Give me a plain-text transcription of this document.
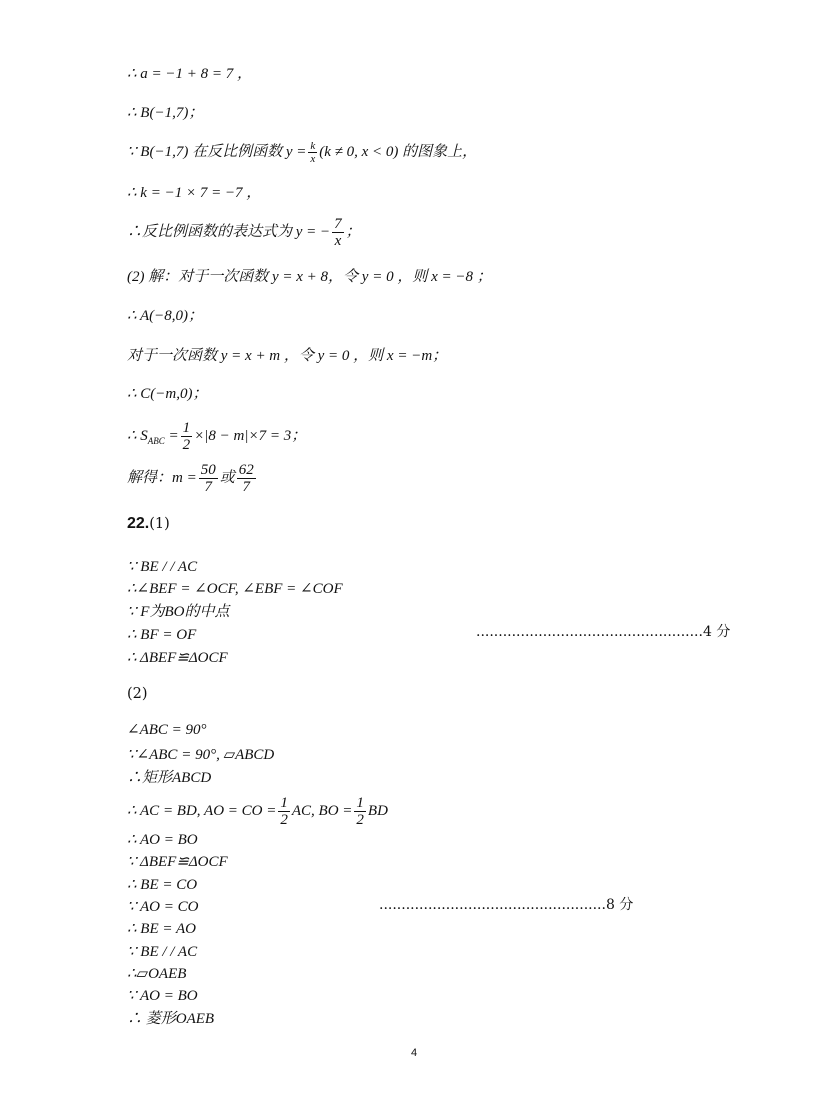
∴ a = −1 + 8 = 7 ，
∴ B(−1,7)；
∵ B(−1,7) 在反比例函数 $y = \frac{k}{x} (k \ne 0$, x < 0) 的图象上，
∴ k = −1 × 7 = −7 ，
∴反比例函数的表达式为 y = − $\frac{7}{x}$ ；
(2) 解：对于一次函数 y = x + 8，令 y = 0 ，则 x = −8 ；
∴ A(−8,0)；
对于一次函数 y = x + m ，令 y = 0 ，则 x = −m；
∴ C(−m,0)；
∴ $S_{ABC} = \frac{1}{2} \times|8 - m|\times 7 = 3$；
解得：$m = \frac{50}{7}$ 或 $\frac{62}{7}$
22.(1)
∵ BE / / AC
∴∠BEF = ∠OCF, ∠EBF = ∠COF
∵ F为BO的中点
∴ BF = OF
∴ ΔBEF≌ΔOCF
...................................................4 分
(2)
∠ABC = 90°
∵∠ABC = 90°, ▱ABCD
∴矩形ABCD
∴ AC = BD, AO = CO = $\frac{1}{2}$ AC, BO = $\frac{1}{2}$ BD
∴ AO = BO
∵ ΔBEF≌ΔOCF
∴ BE = CO
∵ AO = CO
∴ BE = AO
∵ BE / / AC
∴▱OAEB
∵ AO = BO
∴ 菱形OAEB
...................................................8 分
4
